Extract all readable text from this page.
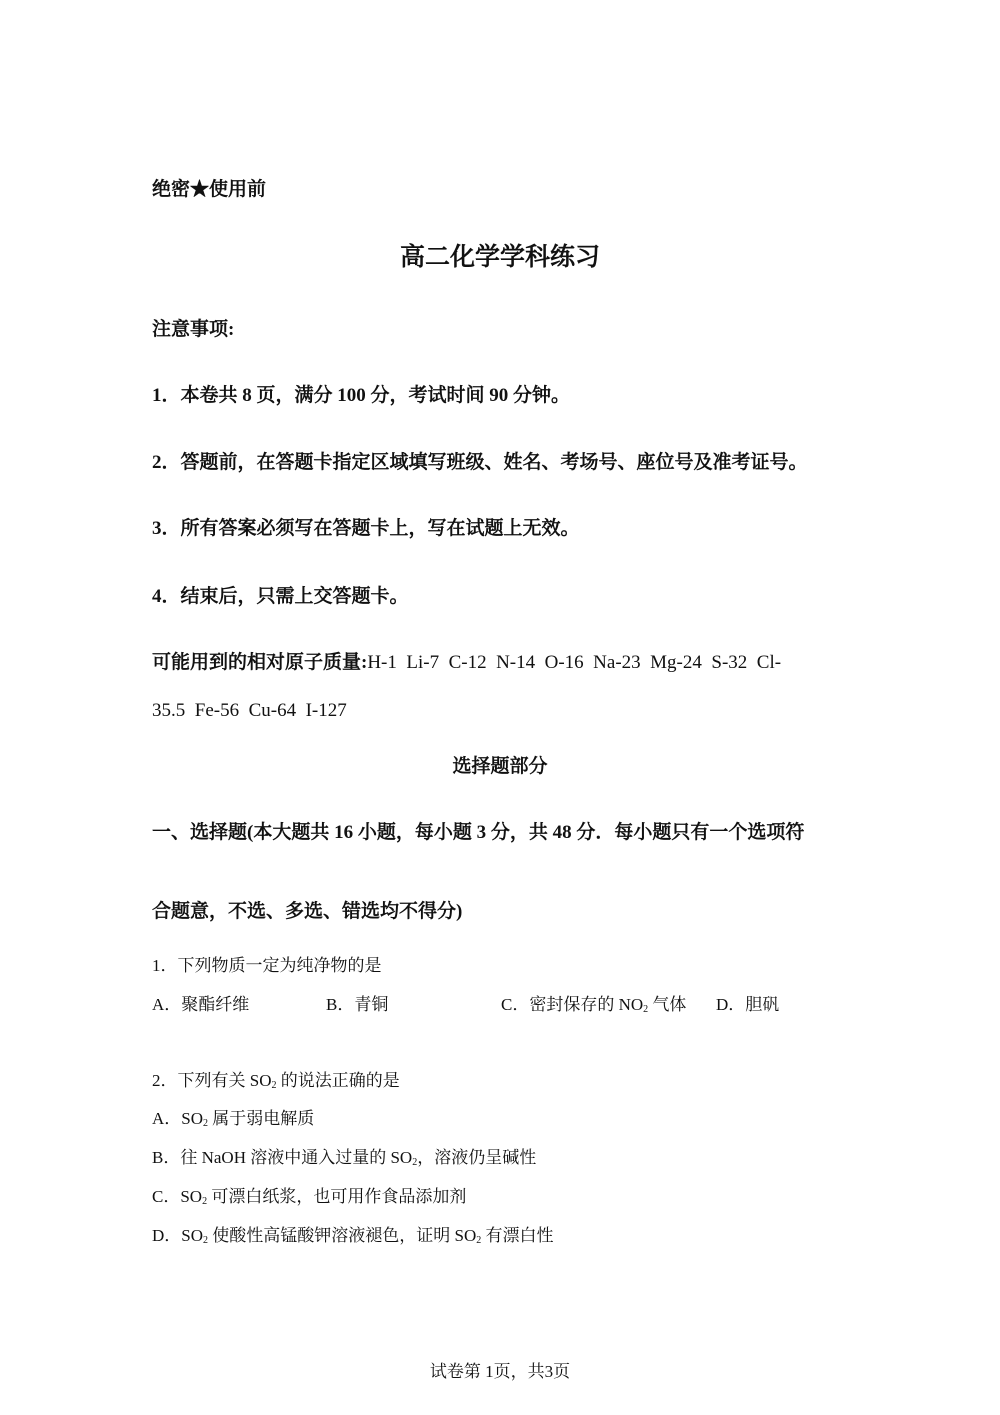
绝密★使用前
高二化学学科练习
注意事项:
1．本卷共 8 页，满分 100 分，考试时间 90 分钟。
2．答题前，在答题卡指定区域填写班级、姓名、考场号、座位号及准考证号。
3．所有答案必须写在答题卡上，写在试题上无效。
4．结束后，只需上交答题卡。
可能用到的相对原子质量:H-1  Li-7  C-12  N-14  O-16  Na-23  Mg-24  S-32  Cl-
35.5  Fe-56  Cu-64  I-127
选择题部分
一、选择题(本大题共 16 小题，每小题 3 分，共 48 分．每小题只有一个选项符
合题意，不选、多选、错选均不得分)
1．下列物质一定为纯净物的是
A．聚酯纤维	B．青铜	C．密封保存的 $NO_2$ 气体 D．胆矾
2．下列有关 $SO_2$ 的说法正确的是
A．$SO_2$ 属于弱电解质
B．往 NaOH 溶液中通入过量的 $SO_2$，溶液仍呈碱性
C．$SO_2$ 可漂白纸浆，也可用作食品添加剂
D．$SO_2$ 使酸性高锰酸钾溶液褪色，证明 $SO_2$ 有漂白性
试卷第 1页，共3页
